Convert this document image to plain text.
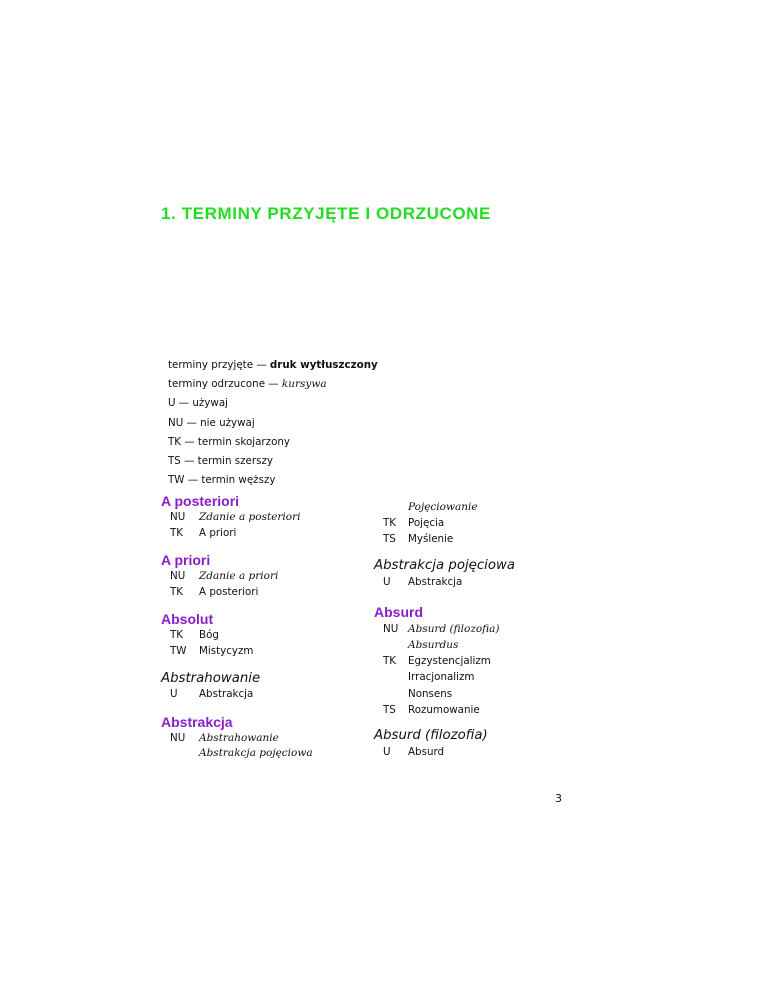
1. TERMINY PRZYJĘTE I ODRZUCONE
terminy przyjęte — druk wytłuszczony
terminy odrzucone — kursywa
U — używaj
NU — nie używaj
TK — termin skojarzony
TS — termin szerszy
TW — termin węższy
A posteriori
NU Zdanie a posteriori
TK A priori
A priori
NU Zdanie a priori
TK A posteriori
Absolut
TK Bóg
TW Mistycyzm
Abstrahowanie
U Abstrakcja
Abstrakcja
NU Abstrahowanie
Abstrakcja pojęciowa
Pojęciowanie
TK Pojęcia
TS Myślenie
Abstrakcja pojęciowa
U Abstrakcja
Absurd
NU Absurd (filozofia)
Absurdus
TK Egzystencjalizm
Irracjonalizm
Nonsens
TS Rozumowanie
Absurd (filozofia)
U Absurd
3
